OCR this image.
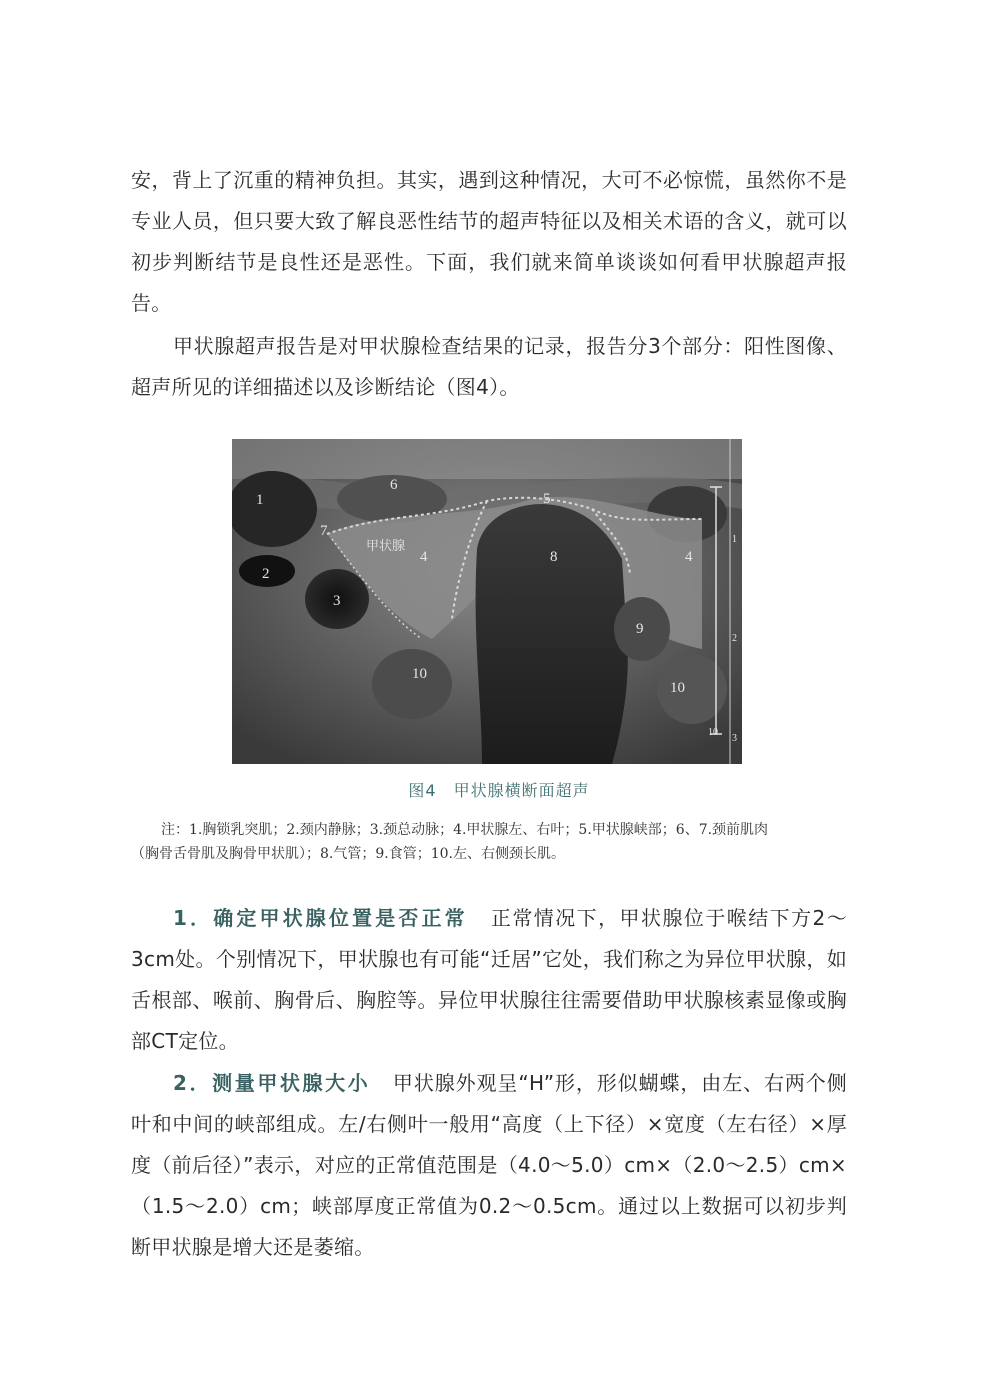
安，背上了沉重的精神负担。其实，遇到这种情况，大可不必惊慌，虽然你不是专业人员，但只要大致了解良恶性结节的超声特征以及相关术语的含义，就可以初步判断结节是良性还是恶性。下面，我们就来简单谈谈如何看甲状腺超声报告。

甲状腺超声报告是对甲状腺检查结果的记录，报告分3个部分：阳性图像、超声所见的详细描述以及诊断结论（图4）。

1
6
5
7
甲状腺
4	8	4
2
3
9
10
10
1
2
3
10
图4　甲状腺横断面超声

注：1.胸锁乳突肌；2.颈内静脉；3.颈总动脉；4.甲状腺左、右叶；5.甲状腺峡部；6、7.颈前肌肉

（胸骨舌骨肌及胸骨甲状肌）；8.气管；9.食管；10.左、右侧颈长肌。

1．确定甲状腺位置是否正常 正常情况下，甲状腺位于喉结下方2～3cm处。个别情况下，甲状腺也有可能“迁居”它处，我们称之为异位甲状腺，如舌根部、喉前、胸骨后、胸腔等。异位甲状腺往往需要借助甲状腺核素显像或胸部CT定位。

2．测量甲状腺大小 甲状腺外观呈“H”形，形似蝴蝶，由左、右两个侧叶和中间的峡部组成。左/右侧叶一般用“高度（上下径）×宽度（左右径）×厚度（前后径）”表示，对应的正常值范围是（4.0～5.0）cm×（2.0～2.5）cm×（1.5～2.0）cm；峡部厚度正常值为0.2～0.5cm。通过以上数据可以初步判断甲状腺是增大还是萎缩。
